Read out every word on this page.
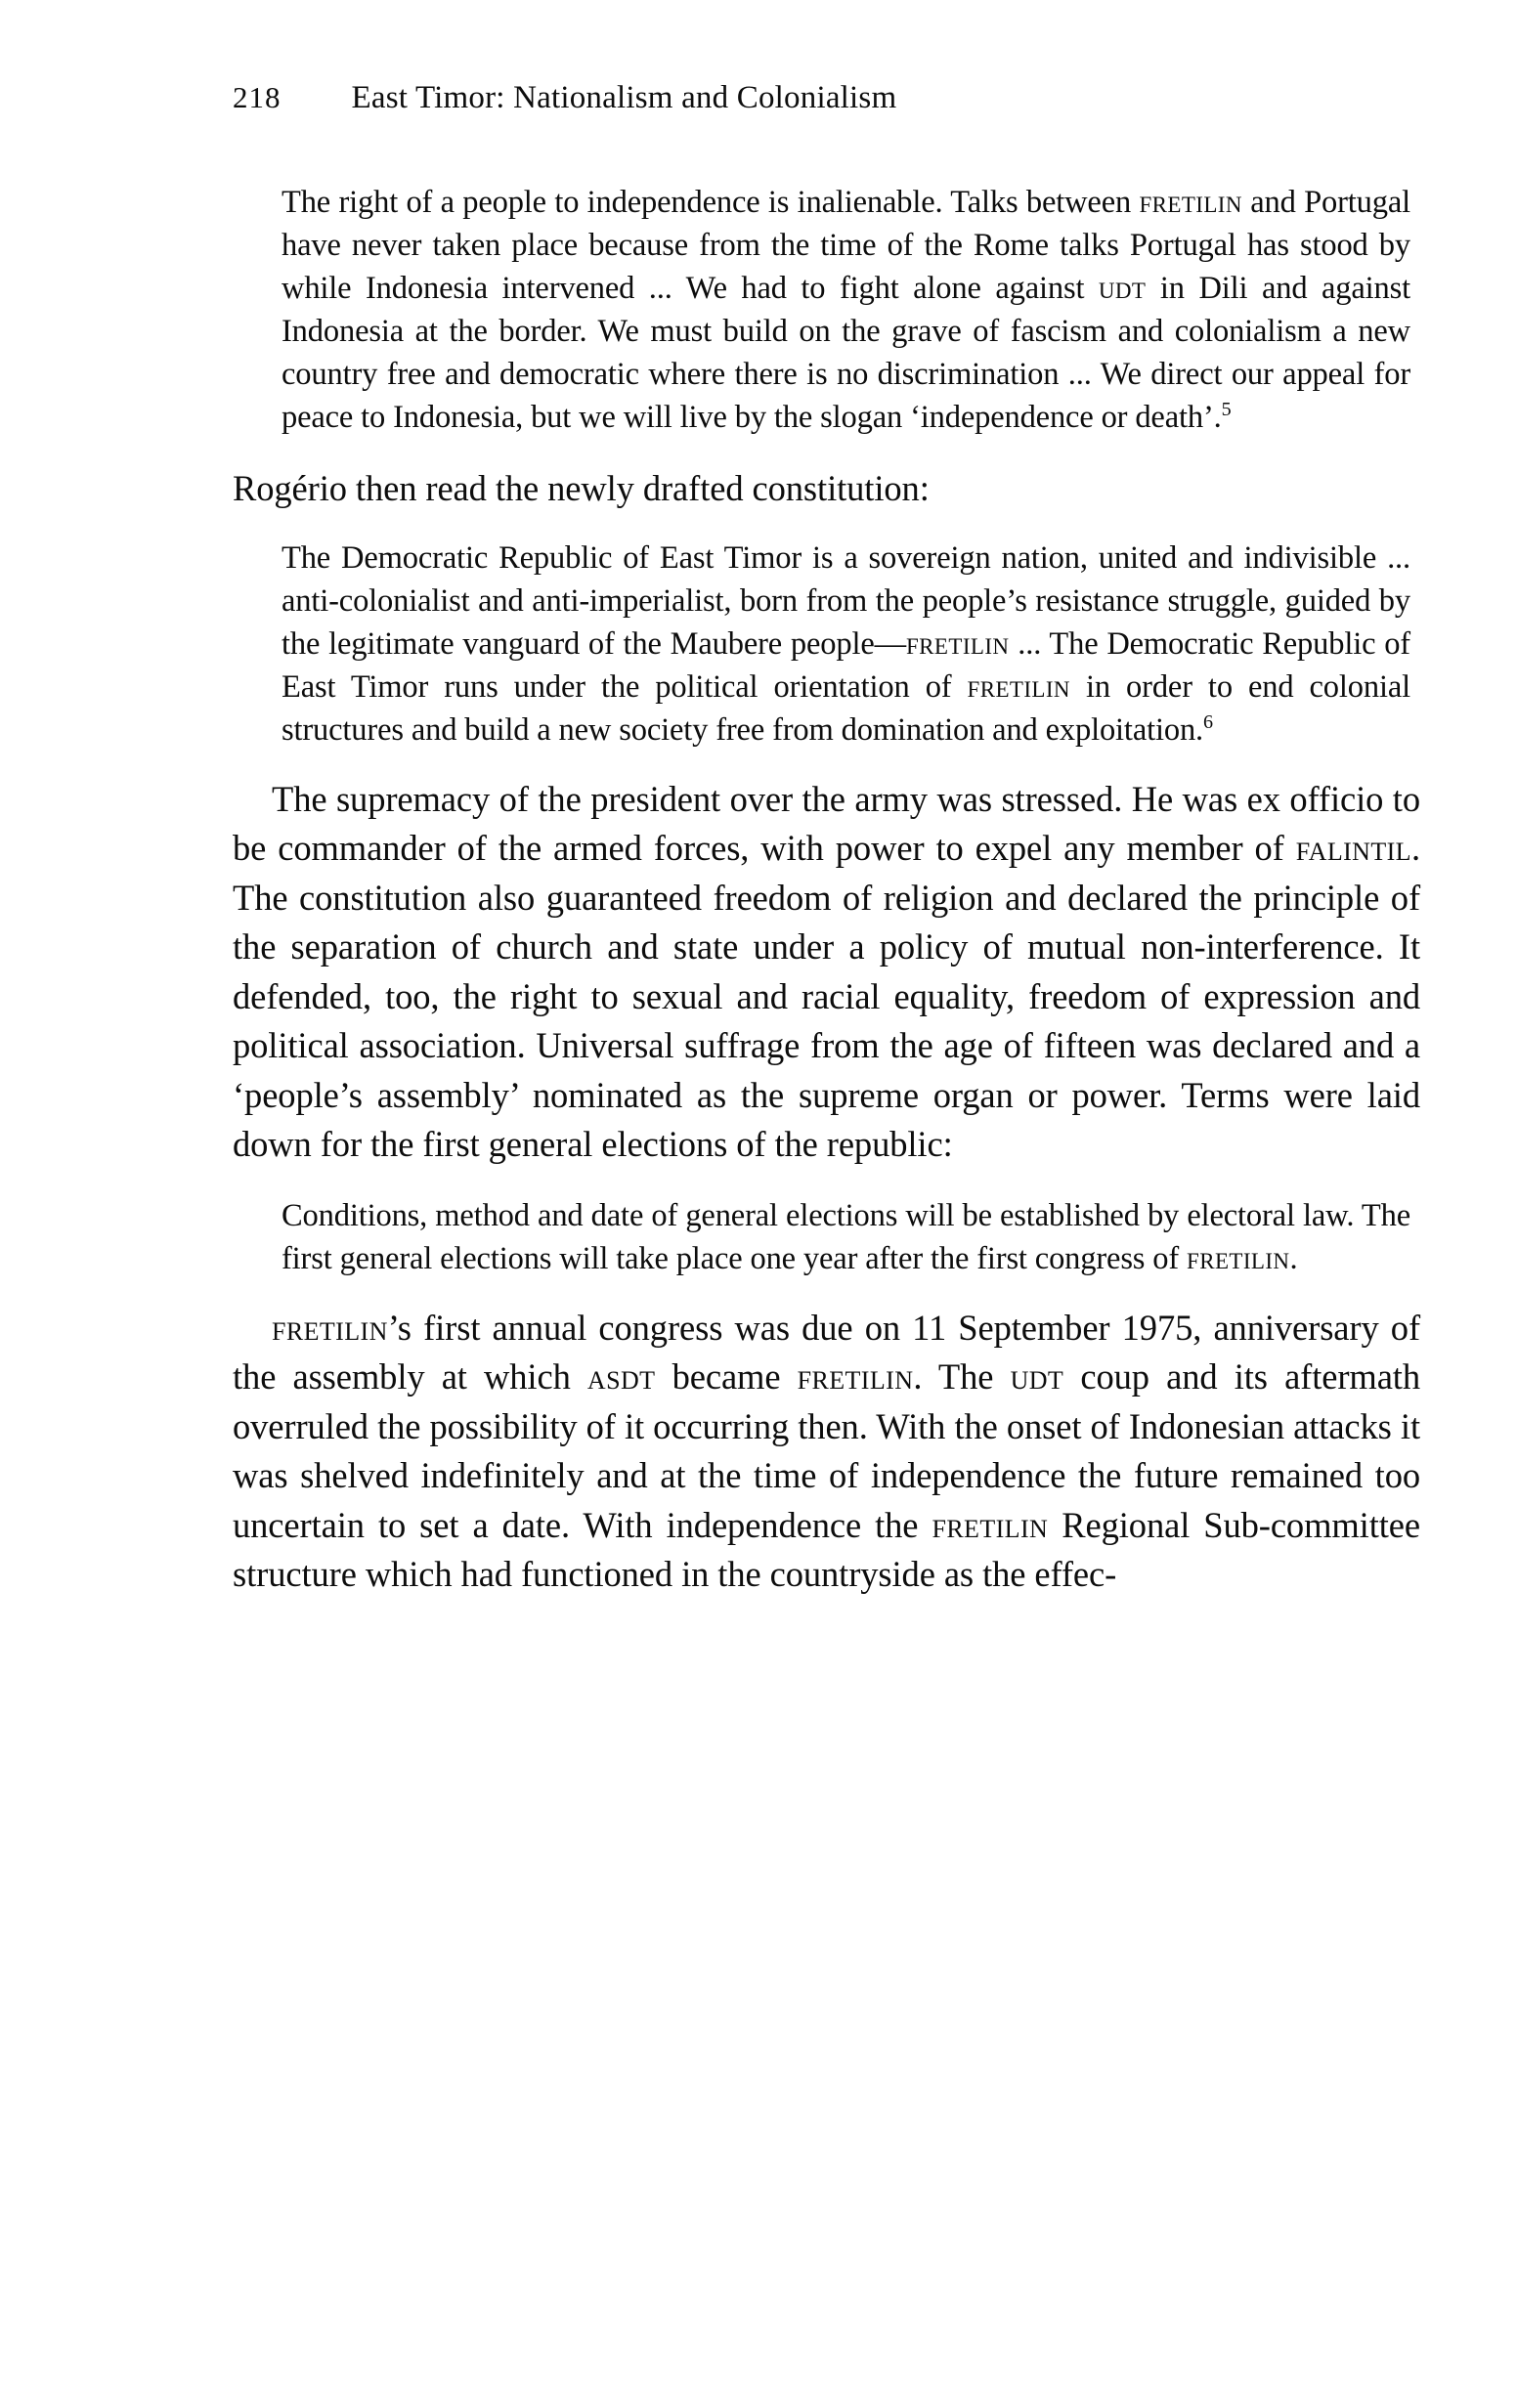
218 East Timor: Nationalism and Colonialism

The right of a people to independence is inalienable. Talks between fretilin and Portugal have never taken place because from the time of the Rome talks Portugal has stood by while Indonesia intervened ... We had to fight alone against udt in Dili and against Indonesia at the border. We must build on the grave of fascism and colonialism a new country free and democratic where there is no discrimination ... We direct our appeal for peace to Indonesia, but we will live by the slogan ‘independence or death’.$^5$

Rogério then read the newly drafted constitution:

The Democratic Republic of East Timor is a sovereign nation, united and indivisible ... anti-colonialist and anti-imperialist, born from the people’s resistance struggle, guided by the legitimate vanguard of the Maubere people—fretilin ... The Democratic Republic of East Timor runs under the political orientation of fretilin in order to end colonial structures and build a new society free from domination and exploitation.$^6$

The supremacy of the president over the army was stressed. He was ex officio to be commander of the armed forces, with power to expel any member of falintil. The constitution also guaranteed freedom of religion and declared the principle of the separation of church and state under a policy of mutual non-interference. It defended, too, the right to sexual and racial equality, freedom of expression and political association. Universal suffrage from the age of fifteen was declared and a ‘people’s assembly’ nominated as the supreme organ or power. Terms were laid down for the first general elections of the republic:

Conditions, method and date of general elections will be established by electoral law. The first general elections will take place one year after the first congress of fretilin.

fretilin’s first annual congress was due on 11 September 1975, anniversary of the assembly at which asdt became fretilin. The udt coup and its aftermath overruled the possibility of it occurring then. With the onset of Indonesian attacks it was shelved indefinitely and at the time of independence the future remained too uncertain to set a date. With independence the fretilin Regional Sub-committee structure which had functioned in the countryside as the effec-
